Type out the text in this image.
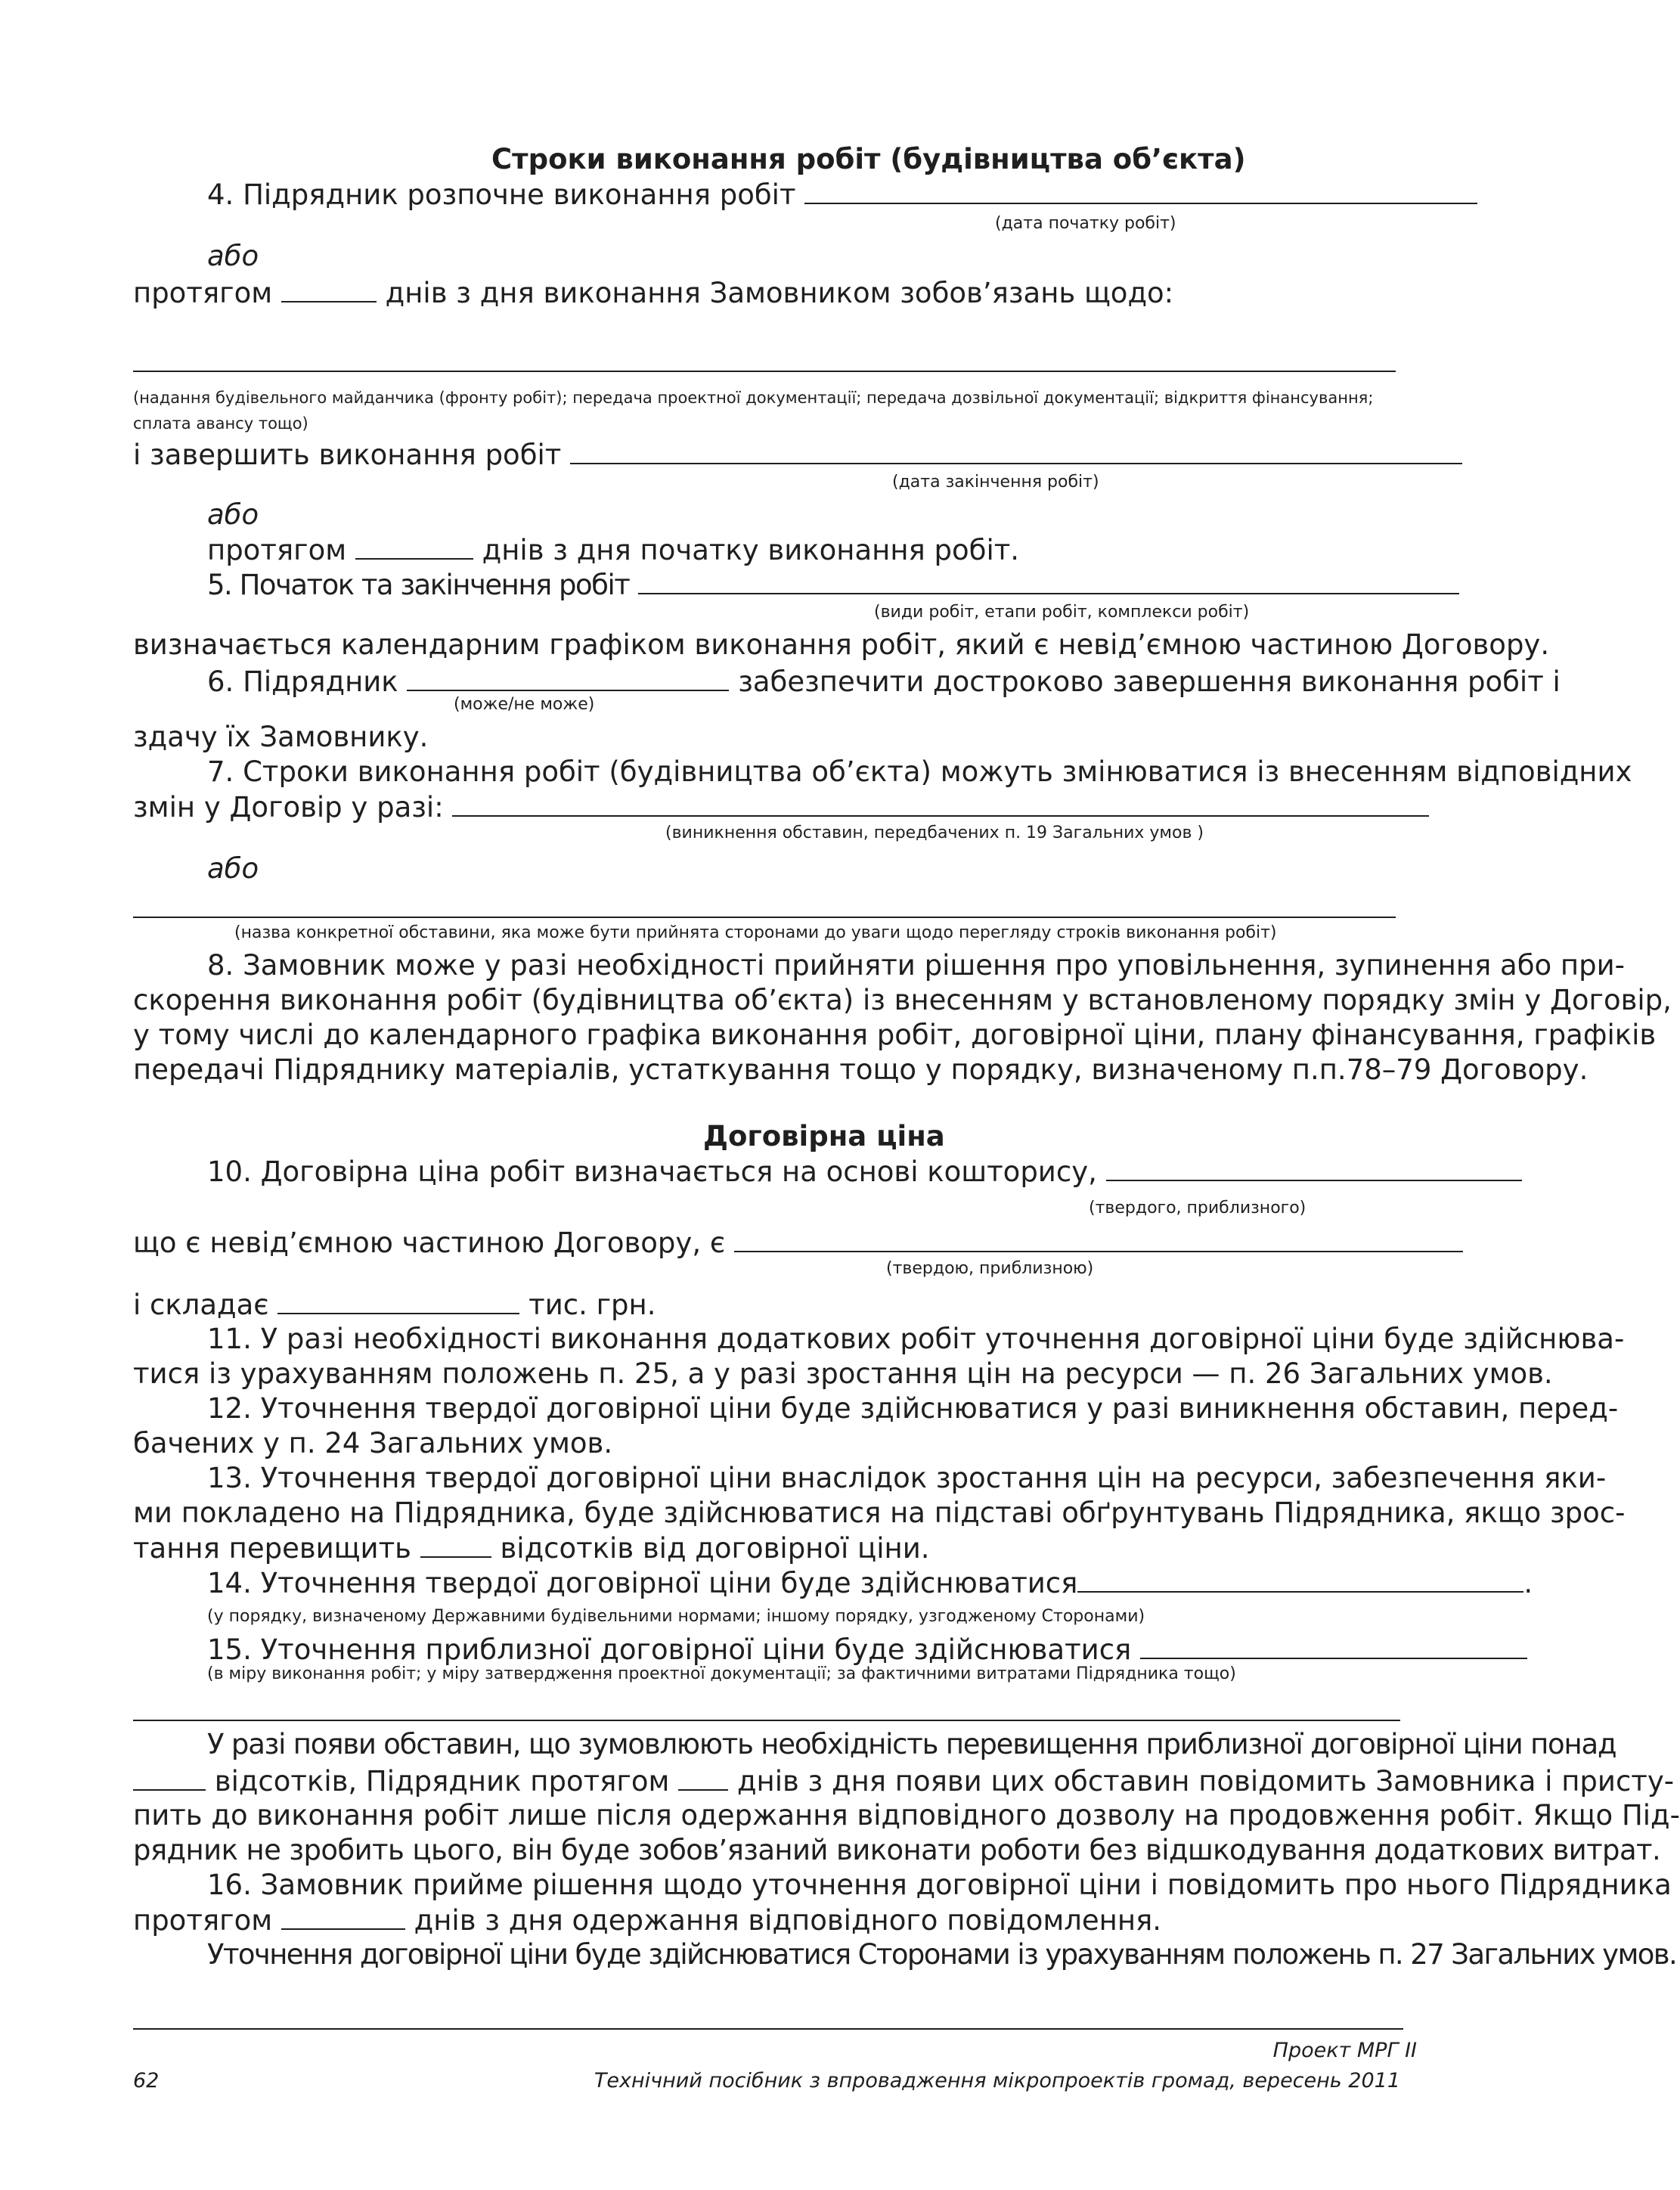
Строки виконання робіт (будівництва об’єкта)
4. Підрядник розпочне виконання робіт
(дата початку робіт)
або
протягом	днів з дня виконання Замовником зобов’язань щодо:
(надання будівельного майданчика (фронту робіт); передача проектної документації; передача дозвільної документації; відкриття фінансування;
сплата авансу тощо)
і завершить виконання робіт
(дата закінчення робіт)
або
протягом	днів з дня початку виконання робіт.
5. Початок та закінчення робіт
(види робіт, етапи робіт, комплекси робіт)
визначається календарним графіком виконання робіт, який є невід’ємною частиною Договору.
6. Підрядник	забезпечити достроково завершення виконання робіт і
(може/не може)
здачу їх Замовнику.
7. Строки виконання робіт (будівництва об’єкта) можуть змінюватися із внесенням відповідних
змін у Договір у разі:
(виникнення обставин, передбачених п. 19 Загальних умов )
або
(назва конкретної обставини, яка може бути прийнята сторонами до уваги щодо перегляду строків виконання робіт)
8. Замовник може у разі необхідності прийняти рішення про уповільнення, зупинення або при-
скорення виконання робіт (будівництва об’єкта) із внесенням у встановленому порядку змін у Договір,
у тому числі до календарного графіка виконання робіт, договірної ціни, плану фінансування, графіків
передачі Підряднику матеріалів, устаткування тощо у порядку, визначеному п.п.78–79 Договору.
Договірна ціна
10. Договірна ціна робіт визначається на основі кошторису,
(твердого, приблизного)
що є невід’ємною частиною Договору, є
(твердою, приблизною)
і складає	тис. грн.
11. У разі необхідності виконання додаткових робіт уточнення договірної ціни буде здійснюва-
тися із урахуванням положень п. 25, а у разі зростання цін на ресурси — п. 26 Загальних умов.
12. Уточнення твердої договірної ціни буде здійснюватися у разі виникнення обставин, перед-
бачених у п. 24 Загальних умов.
13. Уточнення твердої договірної ціни внаслідок зростання цін на ресурси, забезпечення яки-
ми покладено на Підрядника, буде здійснюватися на підставі обґрунтувань Підрядника, якщо зрос-
тання перевищить	відсотків від договірної ціни.
14. Уточнення твердої договірної ціни буде здійснюватися	.
(у порядку, визначеному Державними будівельними нормами; іншому порядку, узгодженому Сторонами)
15. Уточнення приблизної договірної ціни буде здійснюватися
(в міру виконання робіт; у міру затвердження проектної документації; за фактичними витратами Підрядника тощо)
У разі появи обставин, що зумовлюють необхідність перевищення приблизної договірної ціни понад
відсотків, Підрядник протягом днів з дня появи цих обставин повідомить Замовника і присту-
пить до виконання робіт лише після одержання відповідного дозволу на продовження робіт. Якщо Під-
рядник не зробить цього, він буде зобов’язаний виконати роботи без відшкодування додаткових витрат.
16. Замовник прийме рішення щодо уточнення договірної ціни і повідомить про нього Підрядника
протягом	днів з дня одержання відповідного повідомлення.
Уточнення договірної ціни буде здійснюватися Сторонами із урахуванням положень п. 27 Загальних умов.
Проект МРГ ІІ
62	Технічний посібник з впровадження мікропроектів громад, вересень 2011
